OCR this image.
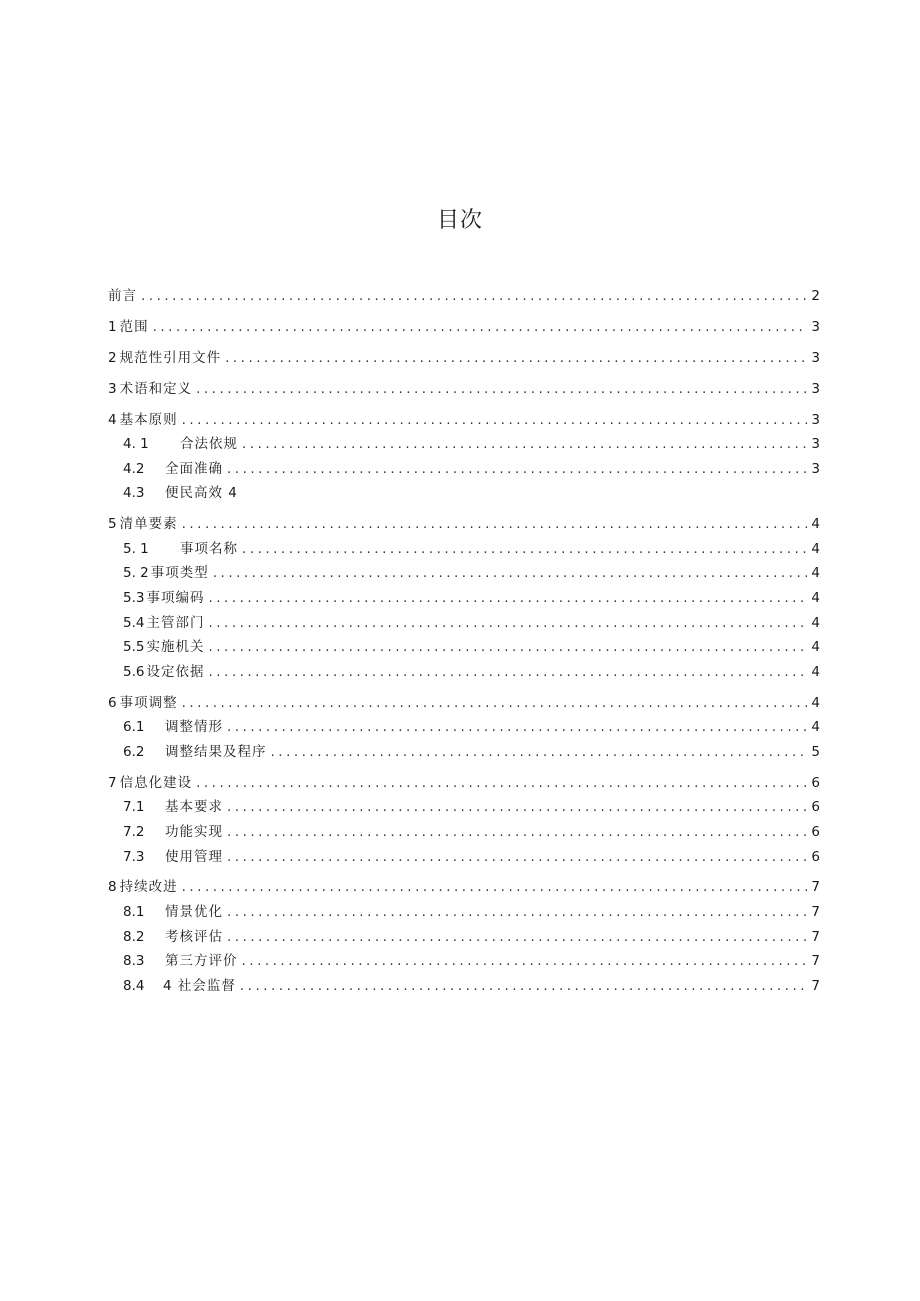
目次
前言 . . .	2
1 范围 . . .	3
2 规范性引用文件 . . .	3
3 术语和定义 . . .	3
4 基本原则 . . .	3
4. 1	合法依规 . . .	3
4.2	全面准确 . . .	3
4.3	便民高效 4
5 清单要素 . . .	4
5. 1	事项名称 . . .	4
5. 2 事项类型 . . .	4
5.3 事项编码 . . .	4
5.4 主管部门 . . .	4
5.5 实施机关 . . .	4
5.6 设定依据 . . .	4
6 事项调整 . . .	4
6.1	调整情形 . . .	4
6.2	调整结果及程序 . . .	5
7 信息化建设 . . .	6
7.1	基本要求 . . .	6
7.2	功能实现 . . .	6
7.3	使用管理 . . .	6
8 持续改进 . . .	7
8.1	情景优化 . . .	7
8.2	考核评估 . . .	7
8.3	第三方评价 . . .	7
8.4	4 社会监督 . . .	7
